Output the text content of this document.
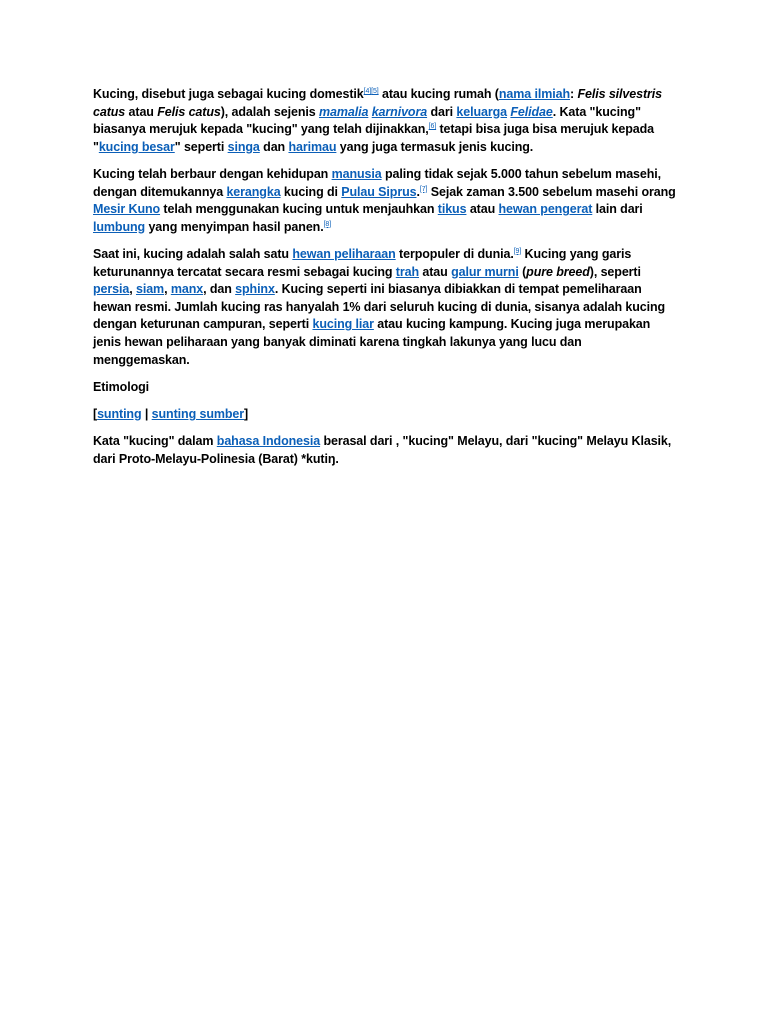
Kucing, disebut juga sebagai kucing domestik[4][5] atau kucing rumah (nama ilmiah: Felis silvestris catus atau Felis catus), adalah sejenis mamalia karnivora dari keluarga Felidae. Kata "kucing" biasanya merujuk kepada "kucing" yang telah dijinakkan,[6] tetapi bisa juga bisa merujuk kepada "kucing besar" seperti singa dan harimau yang juga termasuk jenis kucing.

Kucing telah berbaur dengan kehidupan manusia paling tidak sejak 5.000 tahun sebelum masehi, dengan ditemukannya kerangka kucing di Pulau Siprus.[7] Sejak zaman 3.500 sebelum masehi orang Mesir Kuno telah menggunakan kucing untuk menjauhkan tikus atau hewan pengerat lain dari lumbung yang menyimpan hasil panen.[8]

Saat ini, kucing adalah salah satu hewan peliharaan terpopuler di dunia.[9] Kucing yang garis keturunannya tercatat secara resmi sebagai kucing trah atau galur murni (pure breed), seperti persia, siam, manx, dan sphinx. Kucing seperti ini biasanya dibiakkan di tempat pemeliharaan hewan resmi. Jumlah kucing ras hanyalah 1% dari seluruh kucing di dunia, sisanya adalah kucing dengan keturunan campuran, seperti kucing liar atau kucing kampung. Kucing juga merupakan jenis hewan peliharaan yang banyak diminati karena tingkah lakunya yang lucu dan menggemaskan.

Etimologi

[sunting | sunting sumber]

Kata "kucing" dalam bahasa Indonesia berasal dari , "kucing" Melayu, dari "kucing" Melayu Klasik, dari Proto-Melayu-Polinesia (Barat) *kutiŋ.
